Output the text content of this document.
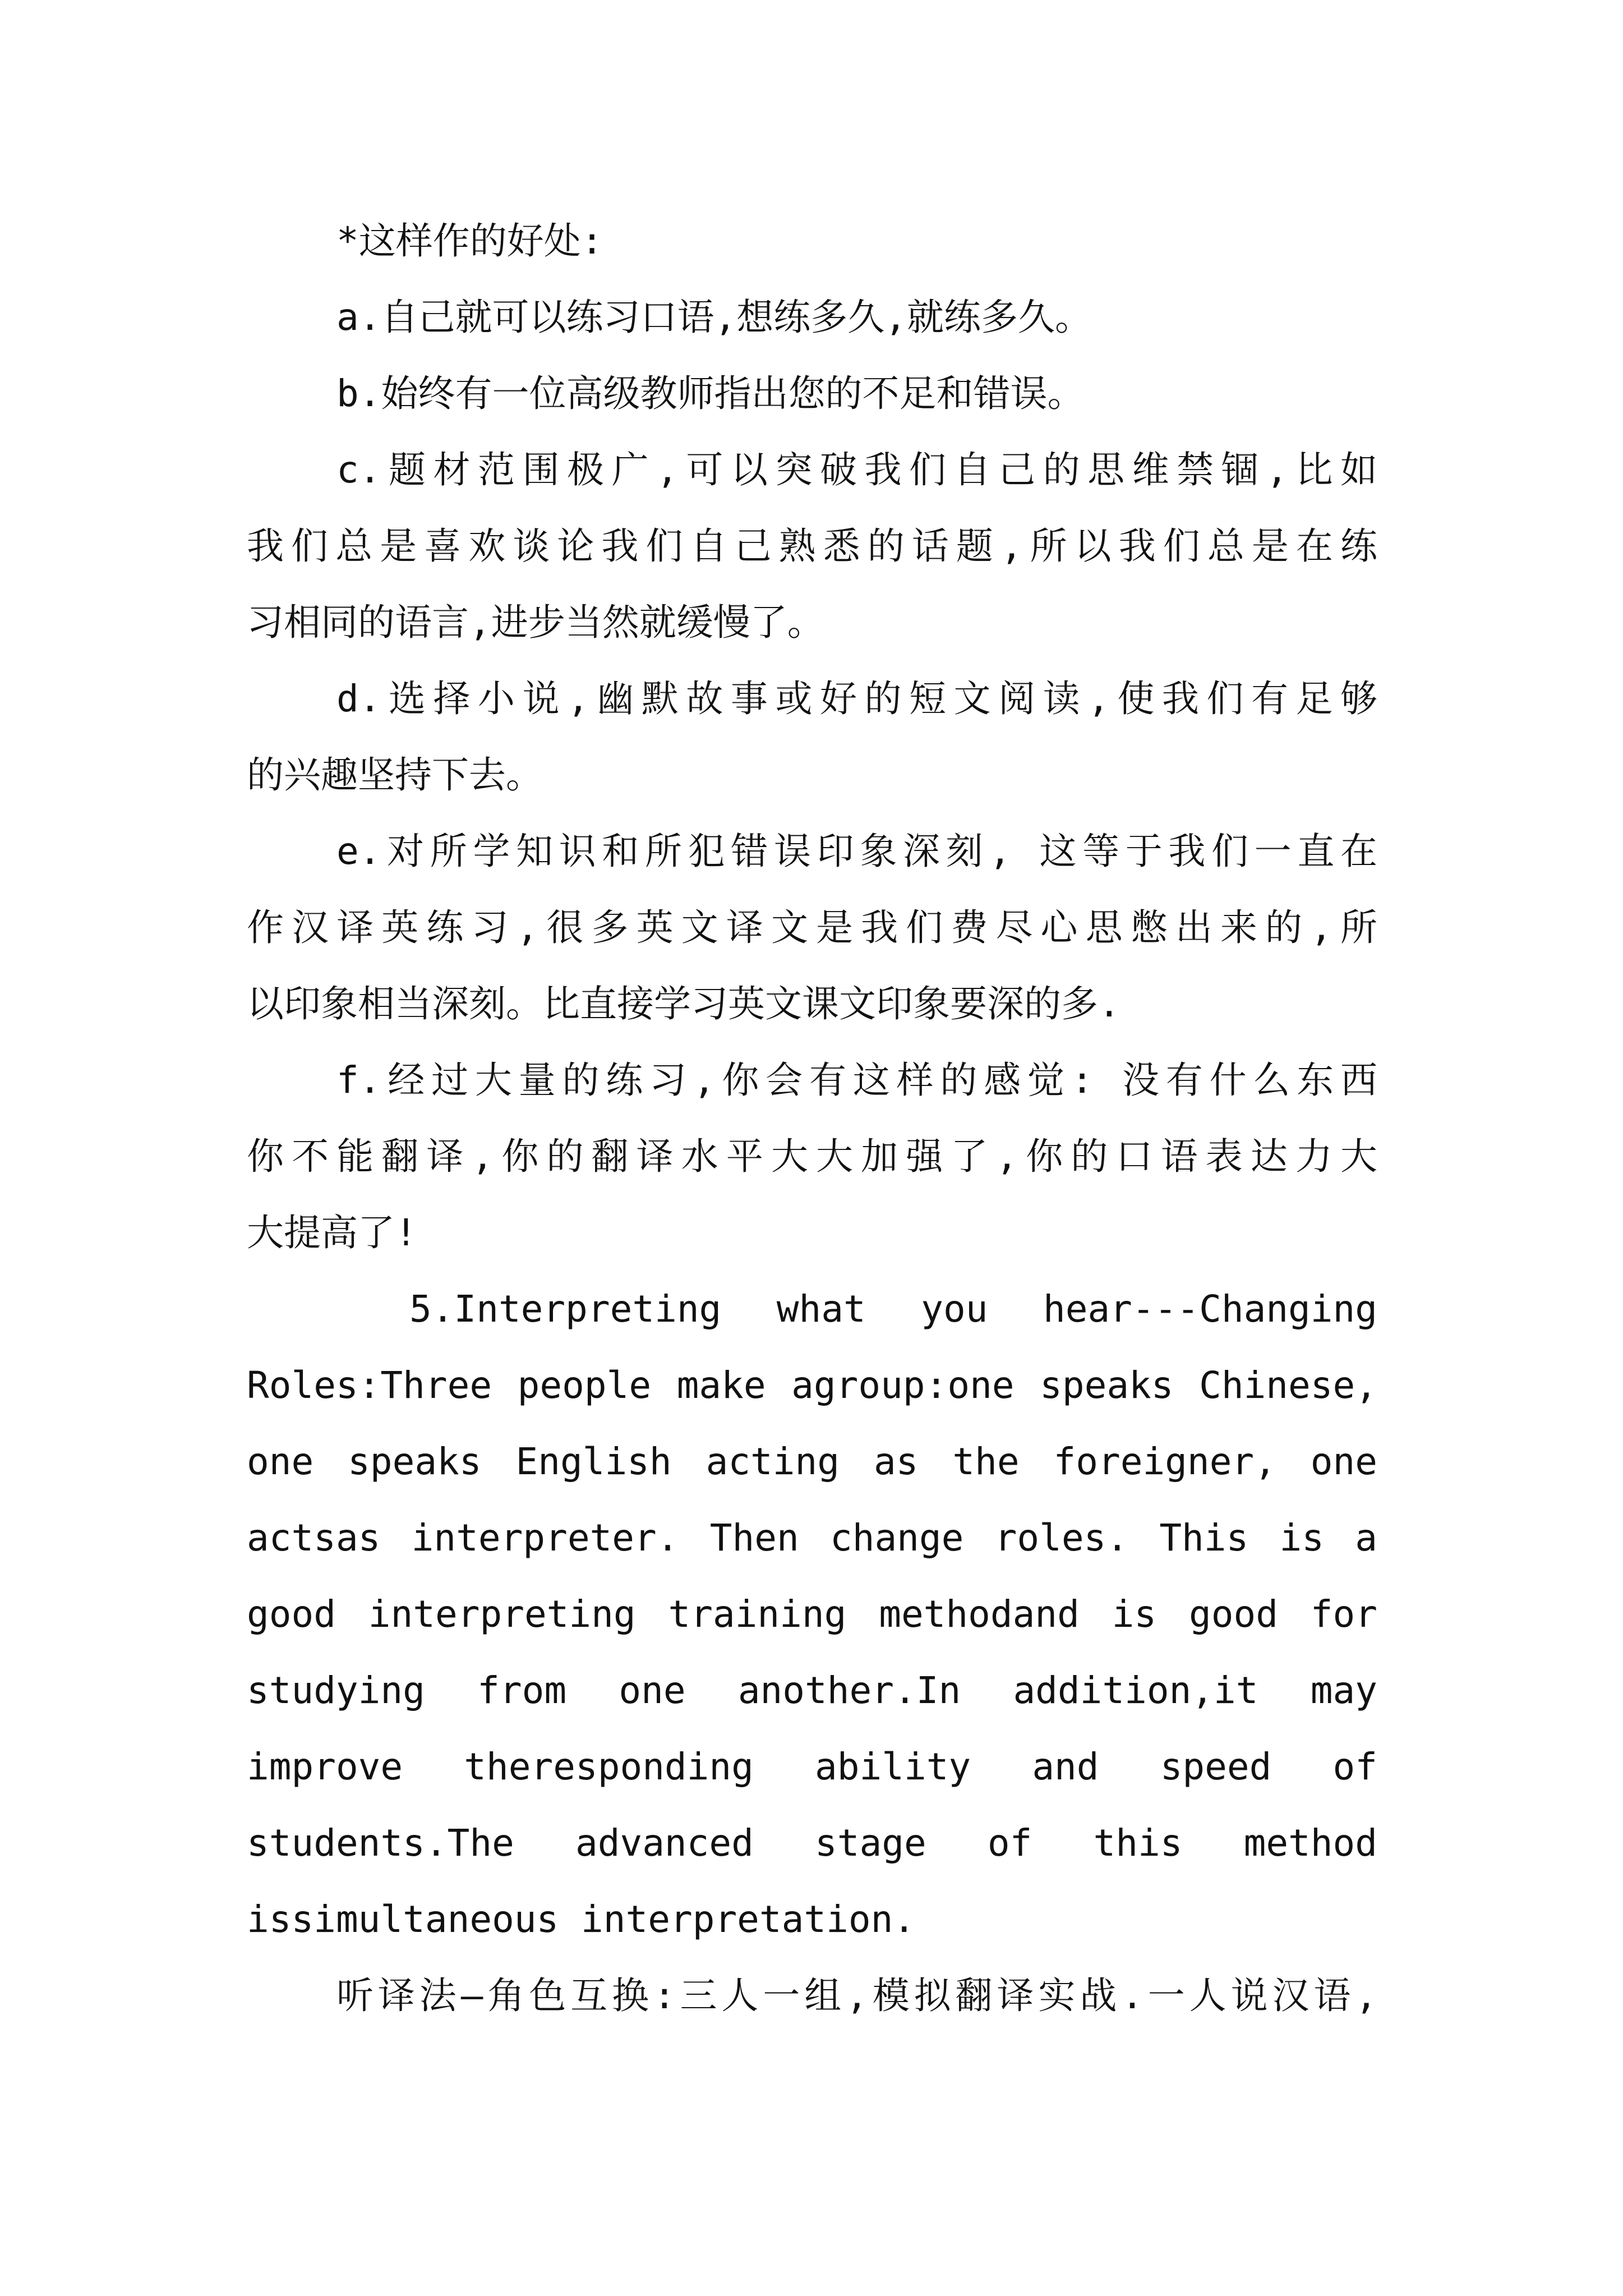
*这样作的好处:
a.自己就可以练习口语,想练多久,就练多久。
b.始终有一位高级教师指出您的不足和错误。
c.题材范围极广,可以突破我们自己的思维禁锢,比如
我们总是喜欢谈论我们自己熟悉的话题,所以我们总是在练
习相同的语言,进步当然就缓慢了。
d.选择小说,幽默故事或好的短文阅读,使我们有足够
的兴趣坚持下去。
e.对所学知识和所犯错误印象深刻, 这等于我们一直在
作汉译英练习,很多英文译文是我们费尽心思憋出来的,所
以印象相当深刻。比直接学习英文课文印象要深的多.
f.经过大量的练习,你会有这样的感觉: 没有什么东西
你不能翻译,你的翻译水平大大加强了,你的口语表达力大
大提高了!
5.Interpreting what you hear---Changing
Roles:Three people make agroup:one speaks Chinese,
one speaks English acting as the foreigner, one
actsas interpreter. Then change roles. This is a
good interpreting training methodand is good for
studying from one another.In addition,it may
improve theresponding ability and speed of
students.The advanced stage of this method
issimultaneous interpretation.
听译法—角色互换:三人一组,模拟翻译实战.一人说汉语,
